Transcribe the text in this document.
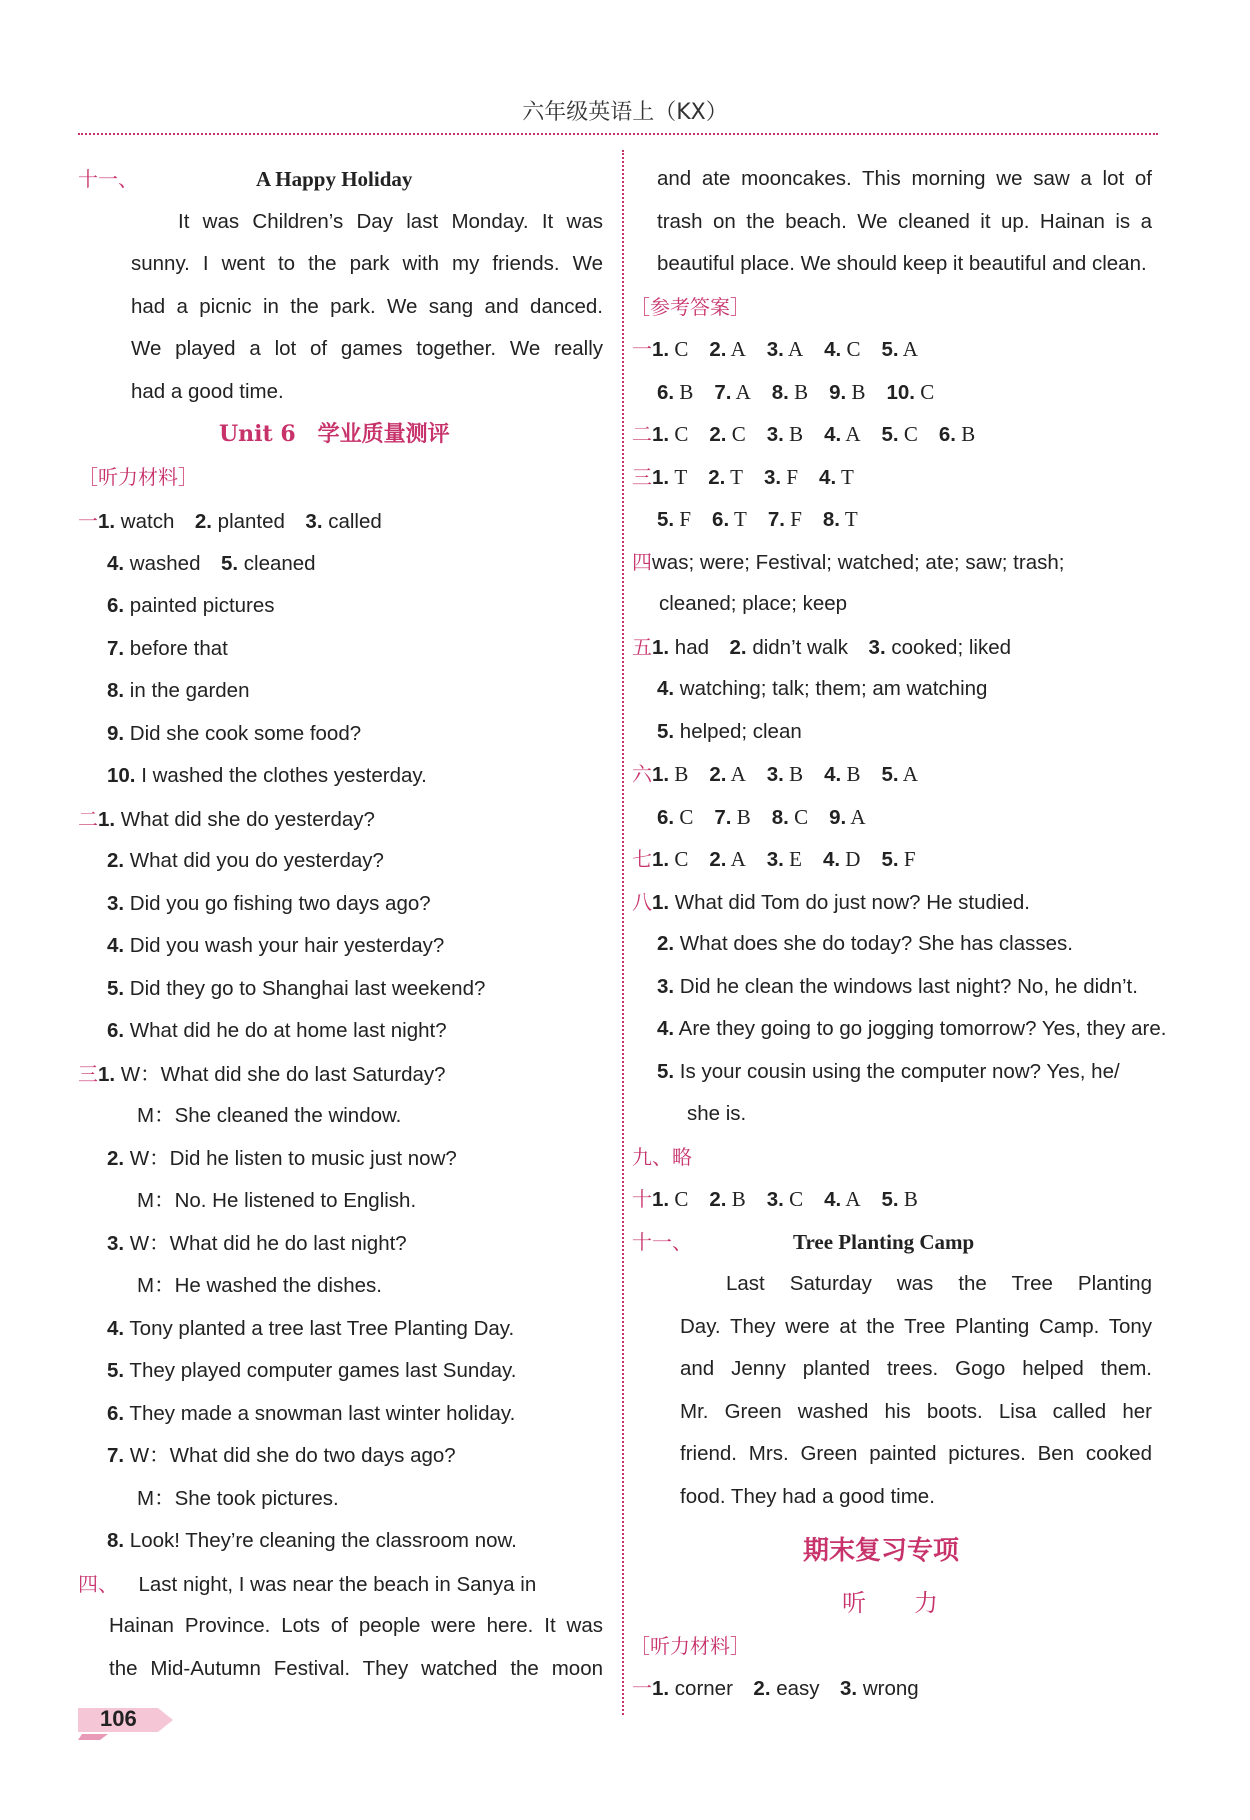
六年级英语上（KX）
十一、	A Happy Holiday
It was Children’s Day last Monday. It was
sunny. I went to the park with my friends. We
had a picnic in the park. We sang and danced.
We played a lot of games together. We really
had a good time.
Unit 6　学业质量测评
［听力材料］
一1. watch 2. planted 3. called
4. washed 5. cleaned
6. painted pictures
7. before that
8. in the garden
9. Did she cook some food?
10. I washed the clothes yesterday.
二1. What did she do yesterday?
2. What did you do yesterday?
3. Did you go fishing two days ago?
4. Did you wash your hair yesterday?
5. Did they go to Shanghai last weekend?
6. What did he do at home last night?
三1. W：What did she do last Saturday?
M：She cleaned the window.
2. W：Did he listen to music just now?
M：No. He listened to English.
3. W：What did he do last night?
M：He washed the dishes.
4. Tony planted a tree last Tree Planting Day.
5. They played computer games last Sunday.
6. They made a snowman last winter holiday.
7. W：What did she do two days ago?
M：She took pictures.
8. Look! They’re cleaning the classroom now.
四、 Last night, I was near the beach in Sanya in
Hainan Province. Lots of people were here. It was
the Mid-Autumn Festival. They watched the moon
and ate mooncakes. This morning we saw a lot of
trash on the beach. We cleaned it up. Hainan is a
beautiful place. We should keep it beautiful and clean.
［参考答案］
一1. C 2. A 3. A 4. C 5. A
6. B 7. A 8. B 9. B 10. C
二1. C 2. C 3. B 4. A 5. C 6. B
三1. T 2. T 3. F 4. T
5. F 6. T 7. F 8. T
四was; were; Festival; watched; ate; saw; trash;
cleaned; place; keep
五1. had 2. didn’t walk 3. cooked; liked
4. watching; talk; them; am watching
5. helped; clean
六1. B 2. A 3. B 4. B 5. A
6. C 7. B 8. C 9. A
七1. C 2. A 3. E 4. D 5. F
八1. What did Tom do just now? He studied.
2. What does she do today? She has classes.
3. Did he clean the windows last night? No, he didn’t.
4. Are they going to go jogging tomorrow? Yes, they are.
5. Is your cousin using the computer now? Yes, he/
she is.
九、略
十1. C 2. B 3. C 4. A 5. B
十一、	Tree Planting Camp
Last Saturday was the Tree Planting
Day. They were at the Tree Planting Camp. Tony
and Jenny planted trees. Gogo helped them.
Mr. Green washed his boots. Lisa called her
friend. Mrs. Green painted pictures. Ben cooked
food. They had a good time.
期末复习专项
听　　力
［听力材料］
一1. corner 2. easy 3. wrong
106
